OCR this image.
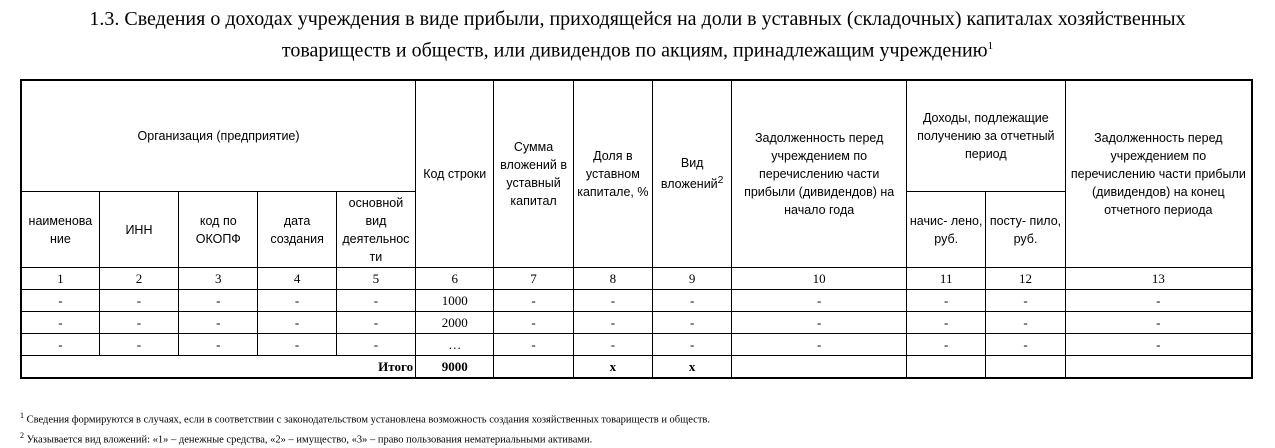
1.3. Сведения о доходах учреждения в виде прибыли, приходящейся на доли в уставных (складочных) капиталах хозяйственных
товариществ и обществ, или дивидендов по акциям, принадлежащим учреждению$^1$
Организация (предприятие)					Код строки	Сумма вложений в уставный капитал	Доля в уставном капитале, %	Вид вложений$^2$	Задолженность перед учреждением по перечислению части прибыли (дивидендов) на начало года	Доходы, подлежащие получению за отчетный период		Задолженность перед учреждением по перечислению части прибыли (дивидендов) на конец отчетного периода
наименова ние	ИНН	код по ОКОПФ	дата создания	основной вид деятельнос ти						начис- лено, руб.	посту- пило, руб.	
1	2	3	4	5	6	7	8	9	10	11	12	13
-	-	-	-	-	1000	-	-	-	-	-	-	-
-	-	-	-	-	2000	-	-	-	-	-	-	-
-	-	-	-	-	…	-	-	-	-	-	-	-
Итого					9000		x	x				
$^1$ Сведения формируются в случаях, если в соответствии с законодательством установлена возможность создания хозяйственных товариществ и обществ.
$^2$ Указывается вид вложений: «1» – денежные средства, «2» – имущество, «3» – право пользования нематериальными активами.
